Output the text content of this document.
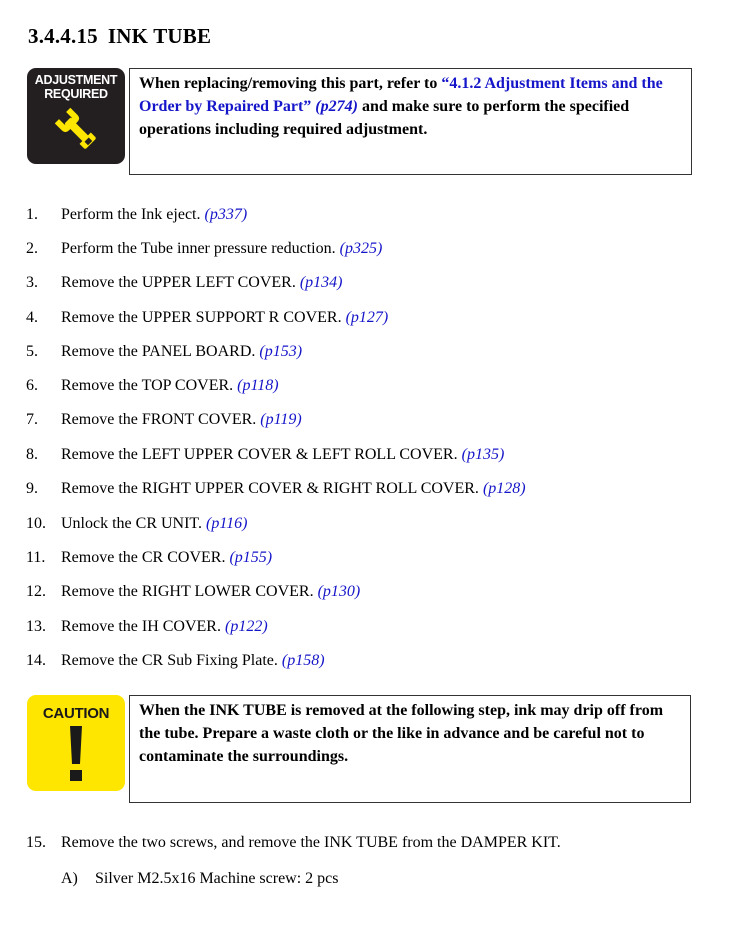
3.4.4.15 INK TUBE
ADJUSTMENT
REQUIRED
When replacing/removing this part, refer to “4.1.2 Adjustment Items and the Order by Repaired Part” (p274) and make sure to perform the specified operations including required adjustment.
1. Perform the Ink eject. (p337)
2. Perform the Tube inner pressure reduction. (p325)
3. Remove the UPPER LEFT COVER. (p134)
4. Remove the UPPER SUPPORT R COVER. (p127)
5. Remove the PANEL BOARD. (p153)
6. Remove the TOP COVER. (p118)
7. Remove the FRONT COVER. (p119)
8. Remove the LEFT UPPER COVER & LEFT ROLL COVER. (p135)
9. Remove the RIGHT UPPER COVER & RIGHT ROLL COVER. (p128)
10. Unlock the CR UNIT. (p116)
11. Remove the CR COVER. (p155)
12. Remove the RIGHT LOWER COVER. (p130)
13. Remove the IH COVER. (p122)
14. Remove the CR Sub Fixing Plate. (p158)
CAUTION	When the INK TUBE is removed at the following step, ink may drip off from the tube. Prepare a waste cloth or the like in advance and be careful not to contaminate the surroundings.
15. Remove the two screws, and remove the INK TUBE from the DAMPER KIT.
A) Silver M2.5x16 Machine screw: 2 pcs
